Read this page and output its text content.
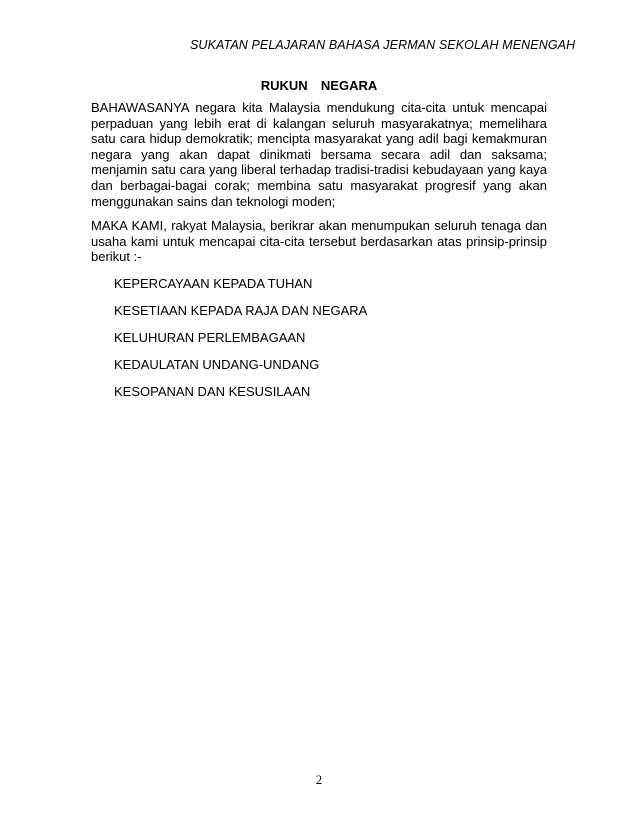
SUKATAN PELAJARAN BAHASA JERMAN SEKOLAH MENENGAH
RUKUN  NEGARA

BAHAWASANYA negara kita Malaysia mendukung cita-cita untuk mencapai perpaduan yang lebih erat di kalangan seluruh masyarakatnya; memelihara satu cara hidup demokratik; mencipta masyarakat yang adil bagi kemakmuran negara yang akan dapat dinikmati bersama secara adil dan saksama; menjamin satu cara yang liberal terhadap tradisi-tradisi kebudayaan yang kaya dan berbagai-bagai corak; membina satu masyarakat progresif yang akan menggunakan sains dan teknologi moden;

MAKA KAMI, rakyat Malaysia, berikrar akan menumpukan seluruh tenaga dan usaha kami untuk mencapai cita-cita tersebut berdasarkan atas prinsip-prinsip berikut :-

KEPERCAYAAN KEPADA TUHAN
KESETIAAN KEPADA RAJA DAN NEGARA
KELUHURAN PERLEMBAGAAN
KEDAULATAN UNDANG-UNDANG
KESOPANAN DAN KESUSILAAN
2
